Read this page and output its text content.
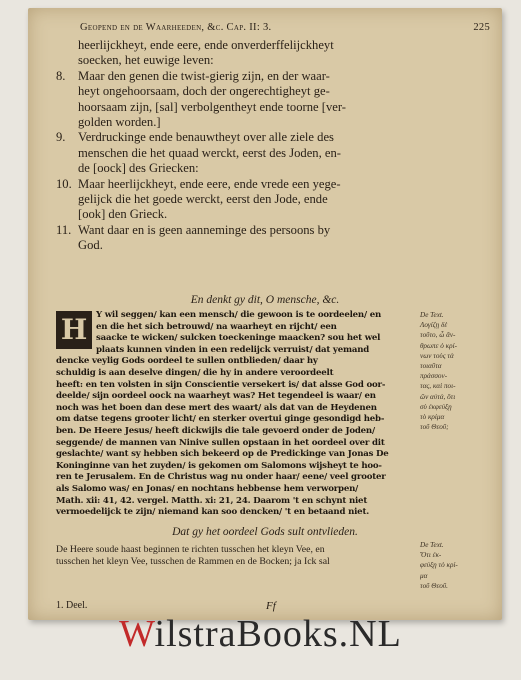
Geopend en de Waarheeden, &c. Cap. II: 3.	225
heerlijckheyt, ende eere, ende onverderffelijckheyt
soecken, het euwige leven:
8. Maar den genen die twist-gierig zijn, en der waar-
heyt ongehoorsaam, doch der ongerechtigheyt ge-
hoorsaam zijn, [sal] verbolgentheyt ende toorne [ver-
golden worden.]
9. Verdruckinge ende benauwtheyt over alle ziele des
menschen die het quaad werckt, eerst des Joden, en-
de [oock] des Griecken:
10. Maar heerlijckheyt, ende eere, ende vrede een yege-
gelijck die het goede werckt, eerst den Jode, ende
[ook] den Grieck.
11. Want daar en is geen aanneminge des persoons by
God.
En denkt gy dit, O mensche, &c.
H	Y wil seggen/ kan een mensch/ die gewoon is te oordeelen/ en
en die het sich betrouwd/ na waarheyt en rijcht/ een
saacke te wicken/ sulcken toeckeninge maacken? sou het wel
plaats kunnen vinden in een redelijck verruist/ dat yemand
dencke veylig Gods oordeel te sullen ontblieden/ daar hy
schuldig is aan deselve dingen/ die hy in andere veroordeelt
heeft: en ten volsten in sijn Conscientie versekert is/ dat alsse God oor-
deelde/ sijn oordeel oock na waarheyt was? Het tegendeel is waar/ en
noch was het boen dan dese mert des waart/ als dat van de Heydenen
om datse tegens grooter licht/ en sterker overtui ginge gesondigd heb-
ben. De Heere Jesus/ heeft dickwijls die tale gevoerd onder de Joden/
seggende/ de mannen van Ninive sullen opstaan in het oordeel over dit
geslachte/ want sy hebben sich bekeerd op de Predickinge van Jonas De
Koninginne van het zuyden/ is gekomen om Salomons wijsheyt te hoo-
ren te Jerusalem. En de Christus wag nu onder haar/ eene/ veel grooter
als Salomo was/ en Jonas/ en nochtans hebbense hem verworpen/
Math. xii: 41, 42. vergel. Matth. xi: 21, 24. Daarom 't en schynt niet
vermoedelijck te zijn/ niemand kan soo dencken/ 't en betaand niet.
De Text.
Λογίζῃ δὲ
τοῦτο, ὦ ἄν-
θρωπε ὁ κρί-
νων τοὺς τὰ
τοιαῦτα
πράσσον-
τας, καὶ ποι-
ῶν αὐτά, ὅτι
σὺ ἐκφεύξῃ
τὸ κρίμα
τοῦ Θεοῦ;
Dat gy het oordeel Gods sult ontvlieden.
De Heere soude haast beginnen te richten tusschen het kleyn Vee, en
tusschen het kleyn Vee, tusschen de Rammen en de Bocken; ja Ick sal
De Text.
Ὅτι ἐκ-
φεύξῃ τὸ κρί-
μα
τοῦ Θεοῦ.
1. Deel.	Ff
WilstraBooks.NL
